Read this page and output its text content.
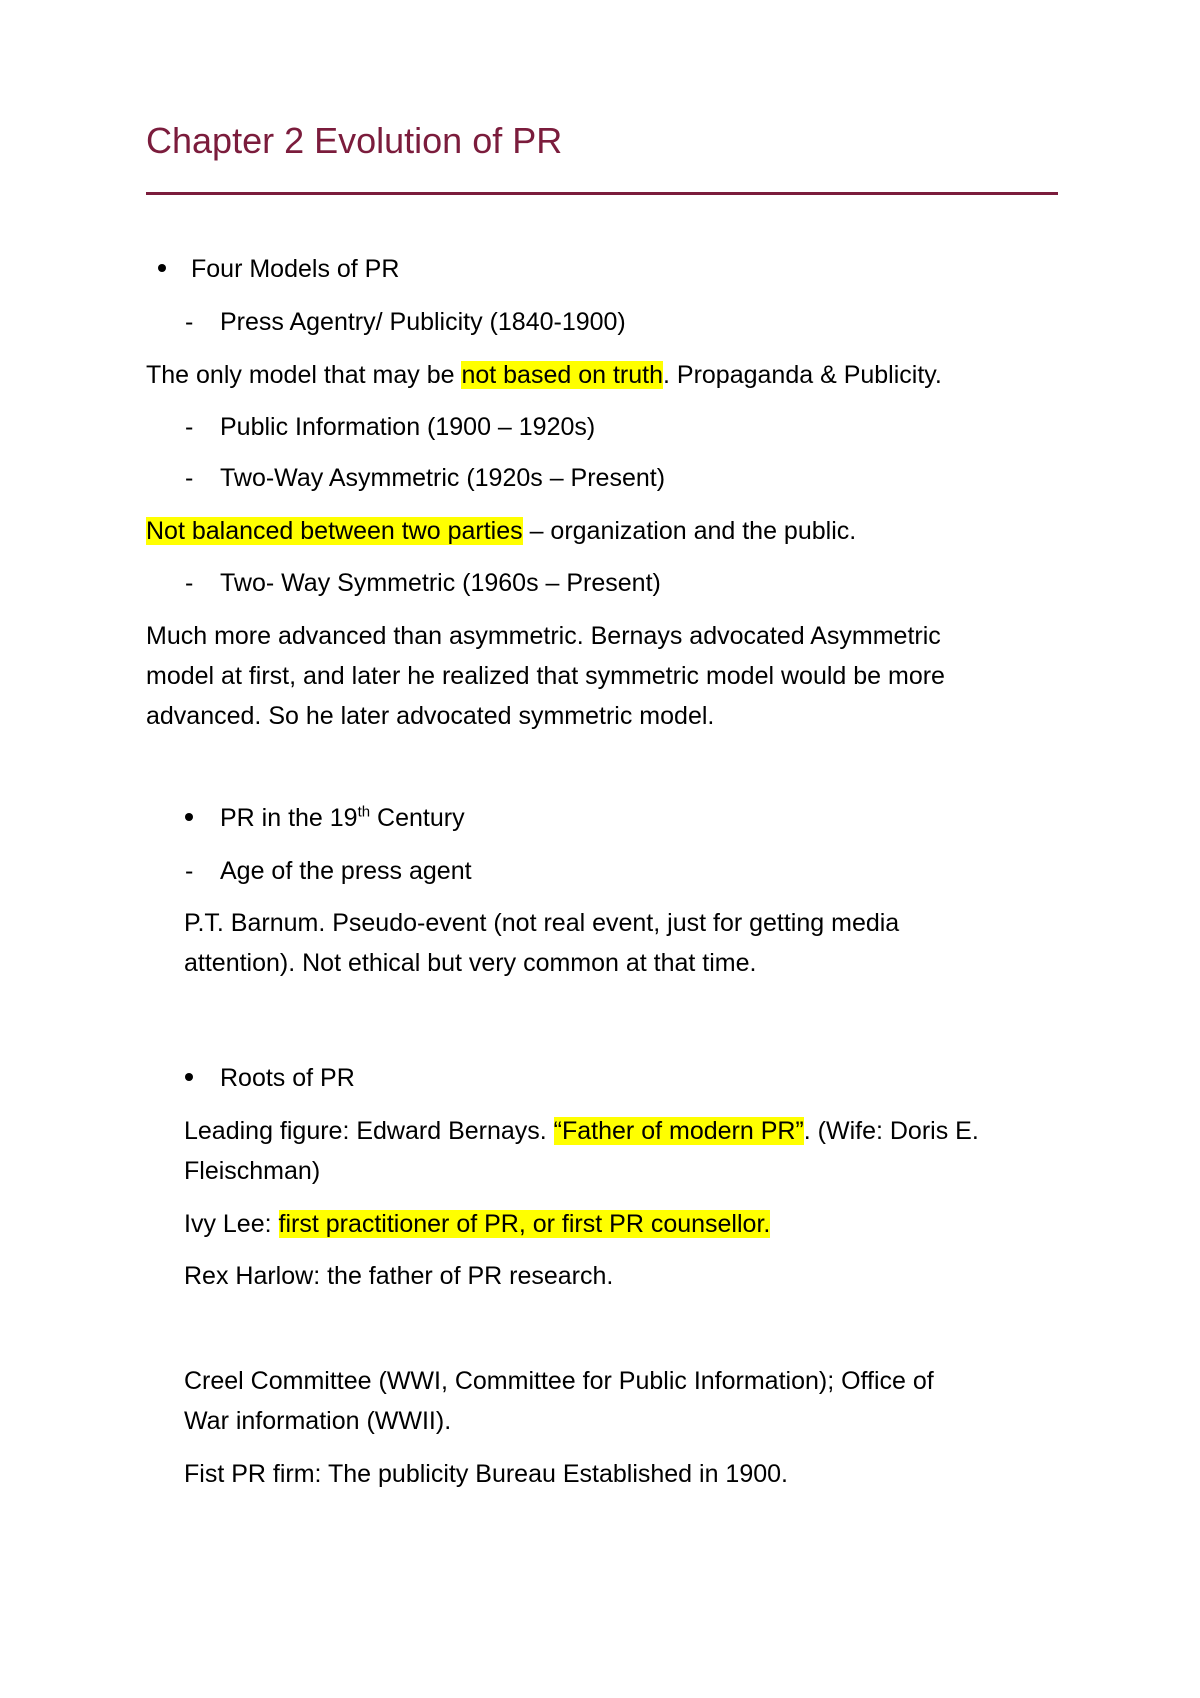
Chapter 2 Evolution of PR
Four Models of PR
- Press Agentry/ Publicity (1840-1900)
The only model that may be not based on truth. Propaganda & Publicity.
- Public Information (1900 – 1920s)
- Two-Way Asymmetric (1920s – Present)
Not balanced between two parties – organization and the public.
- Two- Way Symmetric (1960s – Present)
Much more advanced than asymmetric. Bernays advocated Asymmetric
model at first, and later he realized that symmetric model would be more
advanced. So he later advocated symmetric model.
PR in the 19th Century
- Age of the press agent
P.T. Barnum. Pseudo-event (not real event, just for getting media
attention). Not ethical but very common at that time.
Roots of PR
Leading figure: Edward Bernays. “Father of modern PR”. (Wife: Doris E.
Fleischman)
Ivy Lee: first practitioner of PR, or first PR counsellor.
Rex Harlow: the father of PR research.
Creel Committee (WWI, Committee for Public Information); Office of
War information (WWII).
Fist PR firm: The publicity Bureau Established in 1900.
